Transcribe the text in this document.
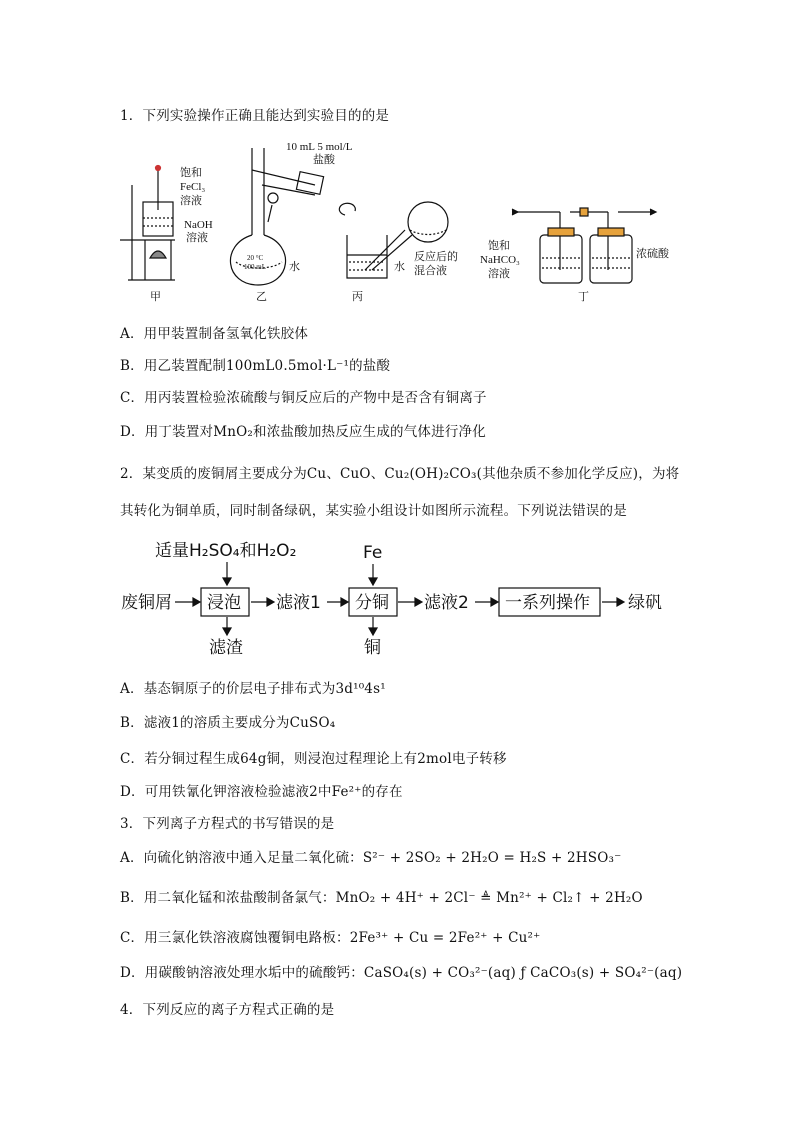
1．下列实验操作正确且能达到实验目的的是
饱和
FeCl₃
溶液
NaOH
溶液
甲
10 mL 5 mol/L
盐酸
20 °C
100 mL 水
乙
水
反应后的
混合液
丙
饱和
NaHCO₃
溶液
浓硫酸
丁
A．用甲装置制备氢氧化铁胶体
B．用乙装置配制100mL0.5mol·L⁻¹的盐酸
C．用丙装置检验浓硫酸与铜反应后的产物中是否含有铜离子
D．用丁装置对MnO₂和浓盐酸加热反应生成的气体进行净化
2．某变质的废铜屑主要成分为Cu、CuO、Cu₂(OH)₂CO₃(其他杂质不参加化学反应)，为将
其转化为铜单质，同时制备绿矾，某实验小组设计如图所示流程。下列说法错误的是
适量H₂SO₄和H₂O₂	Fe
废铜屑 浸泡 滤液1 分铜 滤液2 一系列操作 绿矾
滤渣	铜
A．基态铜原子的价层电子排布式为3d¹⁰4s¹
B．滤液1的溶质主要成分为CuSO₄
C．若分铜过程生成64g铜，则浸泡过程理论上有2mol电子转移
D．可用铁氰化钾溶液检验滤液2中Fe²⁺的存在
3．下列离子方程式的书写错误的是
A．向硫化钠溶液中通入足量二氧化硫：S²⁻ + 2SO₂ + 2H₂O = H₂S + 2HSO₃⁻
B．用二氧化锰和浓盐酸制备氯气：MnO₂ + 4H⁺ + 2Cl⁻ ≜ Mn²⁺ + Cl₂↑ + 2H₂O
C．用三氯化铁溶液腐蚀覆铜电路板：2Fe³⁺ + Cu = 2Fe²⁺ + Cu²⁺
D．用碳酸钠溶液处理水垢中的硫酸钙：CaSO₄(s) + CO₃²⁻(aq) ƒ CaCO₃(s) + SO₄²⁻(aq)
4．下列反应的离子方程式正确的是
